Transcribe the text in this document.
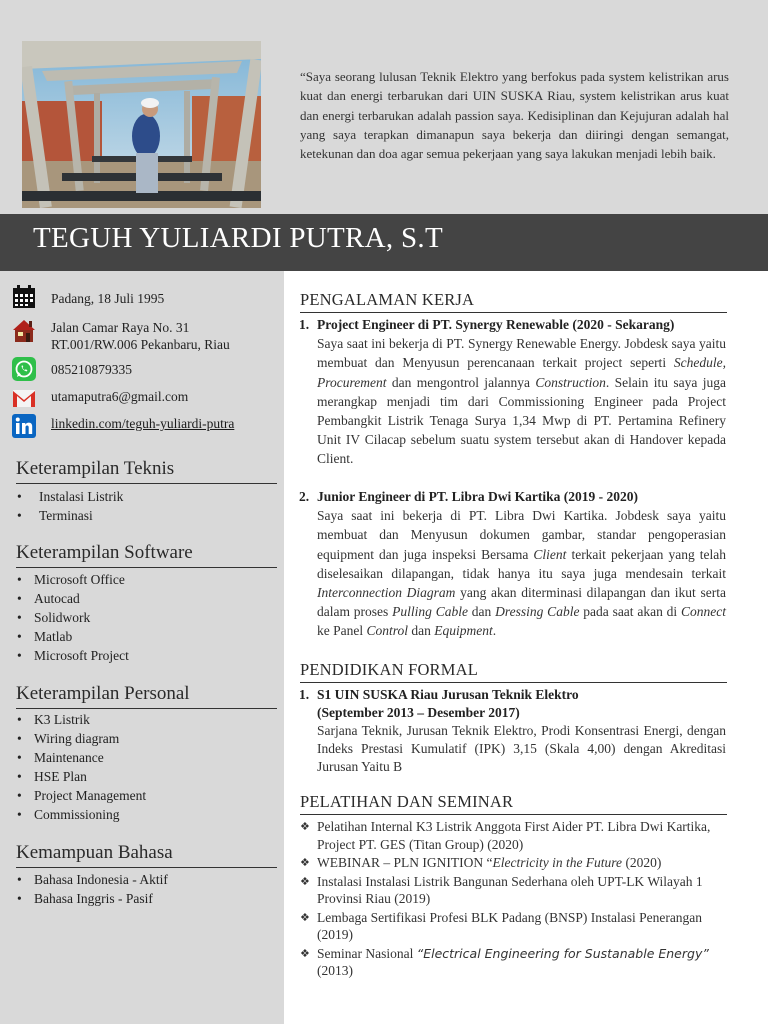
“Saya seorang lulusan Teknik Elektro yang berfokus pada system kelistrikan arus kuat dan energi terbarukan dari UIN SUSKA Riau, system kelistrikan arus kuat dan energi terbarukan adalah passion saya. Kedisiplinan dan Kejujuran adalah hal yang saya terapkan dimanapun saya bekerja dan diiringi dengan semangat, ketekunan dan doa agar semua pekerjaan yang saya lakukan menjadi lebih baik.
TEGUH YULIARDI PUTRA, S.T
Padang, 18 Juli 1995
Jalan Camar Raya No. 31
RT.001/RW.006 Pekanbaru, Riau
085210879335
utamaputra6@gmail.com
linkedin.com/teguh-yuliardi-putra
Keterampilan Teknis
• Instalasi Listrik
• Terminasi
Keterampilan Software
• Microsoft Office
• Autocad
• Solidwork
• Matlab
• Microsoft Project
Keterampilan Personal
• K3 Listrik
• Wiring diagram
• Maintenance
• HSE Plan
• Project Management
• Commissioning
Kemampuan Bahasa
• Bahasa Indonesia - Aktif
• Bahasa Inggris - Pasif
PENGALAMAN KERJA
1. Project Engineer di PT. Synergy Renewable (2020 - Sekarang)
Saya saat ini bekerja di PT. Synergy Renewable Energy. Jobdesk saya yaitu membuat dan Menyusun perencanaan terkait project seperti Schedule, Procurement dan mengontrol jalannya Construction. Selain itu saya juga merangkap menjadi tim dari Commissioning Engineer pada Project Pembangkit Listrik Tenaga Surya 1,34 Mwp di PT. Pertamina Refinery Unit IV Cilacap sebelum suatu system tersebut akan di Handover kepada Client.
2. Junior Engineer di PT. Libra Dwi Kartika (2019 - 2020)
Saya saat ini bekerja di PT. Libra Dwi Kartika. Jobdesk saya yaitu membuat dan Menyusun dokumen gambar, standar pengoperasian equipment dan juga inspeksi Bersama Client terkait pekerjaan yang telah diselesaikan dilapangan, tidak hanya itu saya juga mendesain terkait Interconnection Diagram yang akan diterminasi dilapangan dan ikut serta dalam proses Pulling Cable dan Dressing Cable pada saat akan di Connect ke Panel Control dan Equipment.
PENDIDIKAN FORMAL
1. S1 UIN SUSKA Riau Jurusan Teknik Elektro
(September 2013 – Desember 2017)
Sarjana Teknik, Jurusan Teknik Elektro, Prodi Konsentrasi Energi, dengan Indeks Prestasi Kumulatif (IPK) 3,15 (Skala 4,00) dengan Akreditasi Jurusan Yaitu B
PELATIHAN DAN SEMINAR
❖ Pelatihan Internal K3 Listrik Anggota First Aider PT. Libra Dwi Kartika, Project PT. GES (Titan Group) (2020)
❖ WEBINAR – PLN IGNITION “Electricity in the Future (2020)
❖ Instalasi Instalasi Listrik Bangunan Sederhana oleh UPT-LK Wilayah 1 Provinsi Riau (2019)
❖ Lembaga Sertifikasi Profesi BLK Padang (BNSP) Instalasi Penerangan (2019)
❖ Seminar Nasional “Electrical Engineering for Sustanable Energy” (2013)
